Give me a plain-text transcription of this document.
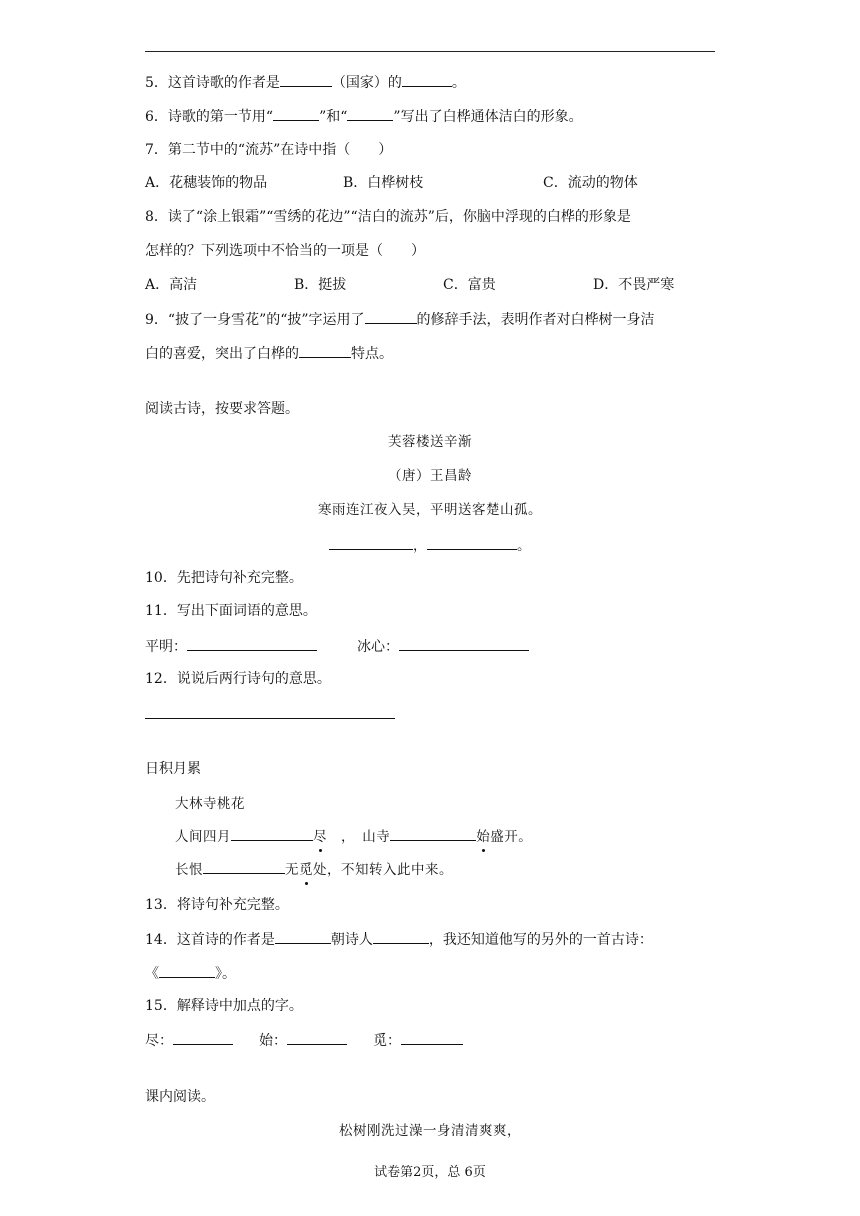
5．这首诗歌的作者是	（国家）的	。
6．诗歌的第一节用“	”和“	”写出了白桦通体洁白的形象。
7．第二节中的“流苏”在诗中指（　　）
A．花穗装饰的物品	B．白桦树枝	C．流动的物体
8．读了“涂上银霜”“雪绣的花边”“洁白的流苏”后，你脑中浮现的白桦的形象是
怎样的？下列选项中不恰当的一项是（　　）
A．高洁	B．挺拔	C．富贵	D．不畏严寒
9．“披了一身雪花”的“披”字运用了	的修辞手法，表明作者对白桦树一身洁
白的喜爱，突出了白桦的	特点。
阅读古诗，按要求答题。
芙蓉楼送辛渐
（唐）王昌龄
寒雨连江夜入吴，平明送客楚山孤。
，	。
10．先把诗句补充完整。
11．写出下面词语的意思。
平明：	冰心：
12．说说后两行诗句的意思。
日积月累
大林寺桃花
人间四月	尽　，　山寺	始盛开。
长恨	无觅处，不知转入此中来。
13．将诗句补充完整。
14．这首诗的作者是	朝诗人	，我还知道他写的另外的一首古诗：
《	》。
15．解释诗中加点的字。
尽：	始：	觅：
课内阅读。
松树刚洗过澡一身清清爽爽，
试卷第2页，总 6页
